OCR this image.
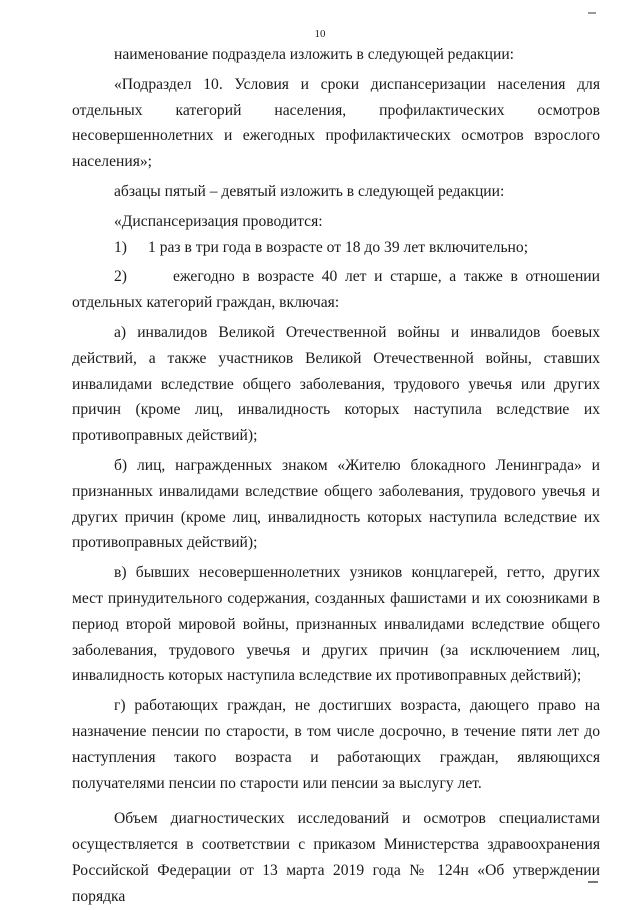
10

наименование подраздела изложить в следующей редакции:

«Подраздел 10. Условия и сроки диспансеризации населения для отдельных категорий населения, профилактических осмотров несовершеннолетних и ежегодных профилактических осмотров взрослого населения»;

абзацы пятый – девятый изложить в следующей редакции:

«Диспансеризация проводится:

1)	1 раз в три года в возрасте от 18 до 39 лет включительно;

2)	ежегодно в возрасте 40 лет и старше, а также в отношении отдельных категорий граждан, включая:

а) инвалидов Великой Отечественной войны и инвалидов боевых действий, а также участников Великой Отечественной войны, ставших инвалидами вследствие общего заболевания, трудового увечья или других причин (кроме лиц, инвалидность которых наступила вследствие их противоправных действий);

б) лиц, награжденных знаком «Жителю блокадного Ленинграда» и признанных инвалидами вследствие общего заболевания, трудового увечья и других причин (кроме лиц, инвалидность которых наступила вследствие их противоправных действий);

в) бывших несовершеннолетних узников концлагерей, гетто, других мест принудительного содержания, созданных фашистами и их союзниками в период второй мировой войны, признанных инвалидами вследствие общего заболевания, трудового увечья и других причин (за исключением лиц, инвалидность которых наступила вследствие их противоправных действий);

г) работающих граждан, не достигших возраста, дающего право на назначение пенсии по старости, в том числе досрочно, в течение пяти лет до наступления такого возраста и работающих граждан, являющихся получателями пенсии по старости или пенсии за выслугу лет.

Объем диагностических исследований и осмотров специалистами осуществляется в соответствии с приказом Министерства здравоохранения Российской Федерации от 13 марта 2019 года № 124н «Об утверждении порядка
